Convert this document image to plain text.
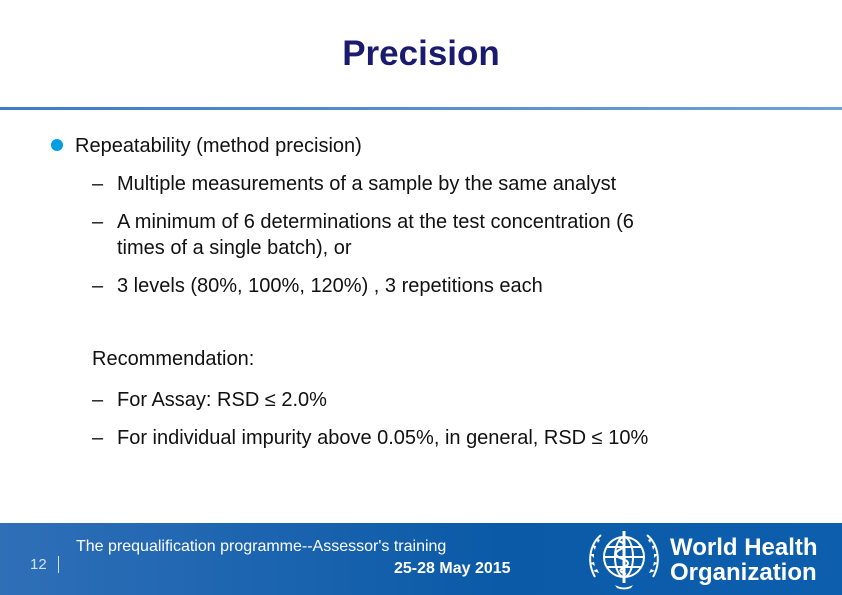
Precision
Repeatability (method precision)
– Multiple measurements of a sample by the same analyst
– A minimum of 6 determinations at the test concentration (6
times of a single batch), or
– 3 levels (80%, 100%, 120%) , 3 repetitions each
Recommendation:
– For Assay: RSD ≤ 2.0%
– For individual impurity above 0.05%, in general, RSD ≤ 10%
12
The prequalification programme--Assessor's training
25-28 May 2015
World Health
Organization
